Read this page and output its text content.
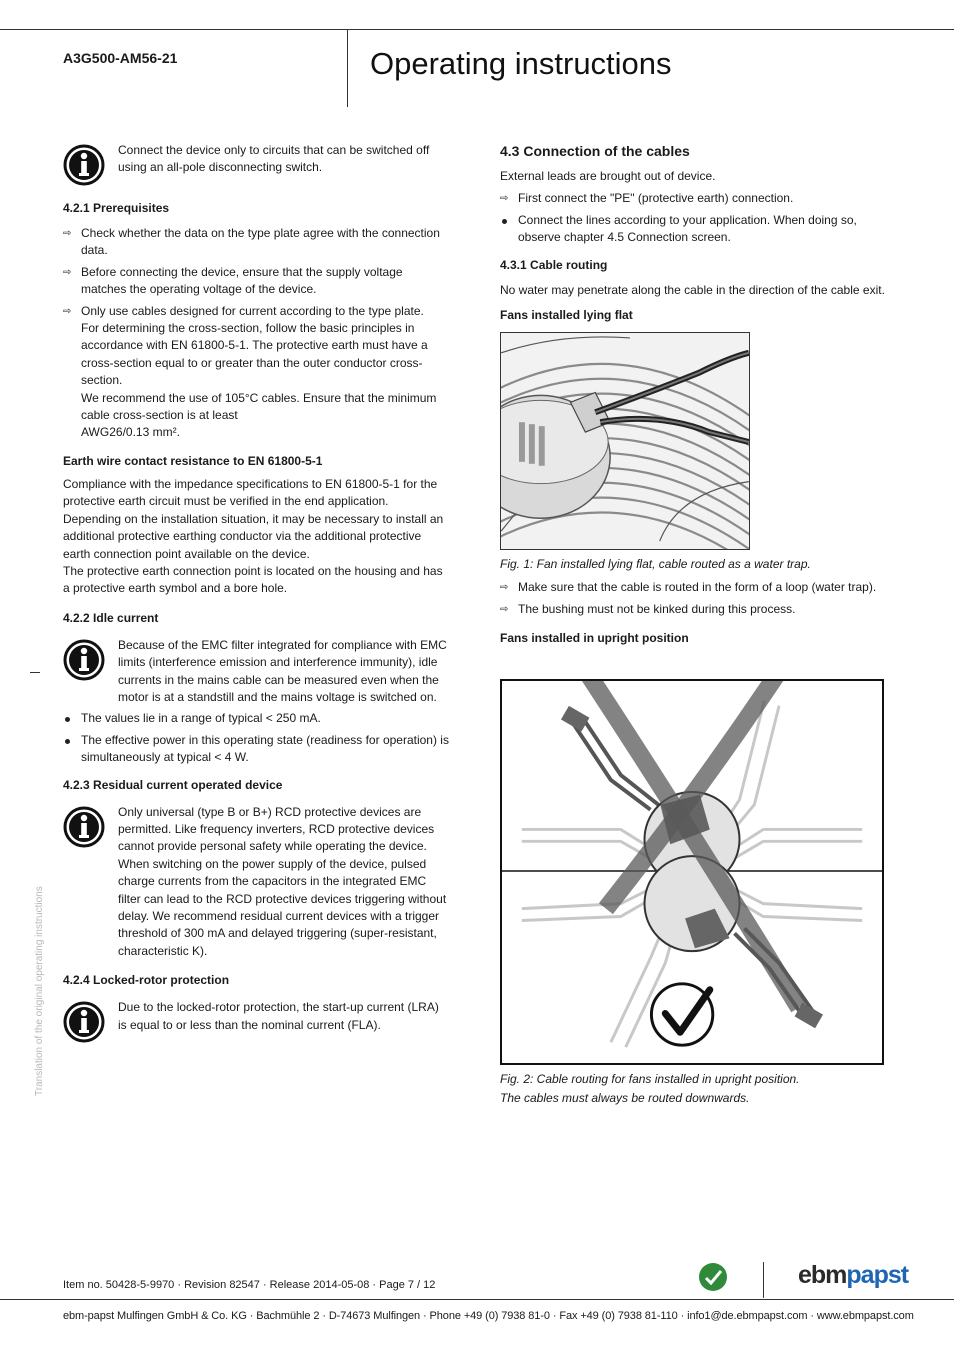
A3G500-AM56-21	Operating instructions
Translation of the original operating instructions

Connect the device only to circuits that can be switched off using an all-pole disconnecting switch.

4.2.1 Prerequisites
⇨ Check whether the data on the type plate agree with the connection data.
⇨ Before connecting the device, ensure that the supply voltage matches the operating voltage of the device.
⇨ Only use cables designed for current according to the type plate.
For determining the cross-section, follow the basic principles in accordance with EN 61800-5-1. The protective earth must have a cross-section equal to or greater than the outer conductor cross-section.
We recommend the use of 105°C cables. Ensure that the minimum cable cross-section is at least
AWG26/0.13 mm².
Earth wire contact resistance to EN 61800-5-1

Compliance with the impedance specifications to EN 61800-5-1 for the protective earth circuit must be verified in the end application.

Depending on the installation situation, it may be necessary to install an additional protective earthing conductor via the additional protective earth connection point available on the device.

The protective earth connection point is located on the housing and has a protective earth symbol and a bore hole.

4.2.2 Idle current

Because of the EMC filter integrated for compliance with EMC limits (interference emission and interference immunity), idle currents in the mains cable can be measured even when the motor is at a standstill and the mains voltage is switched on.

The values lie in a range of typical < 250 mA.
The effective power in this operating state (readiness for operation) is simultaneously at typical < 4 W.
4.2.3 Residual current operated device

Only universal (type B or B+) RCD protective devices are permitted. Like frequency inverters, RCD protective devices cannot provide personal safety while operating the device. When switching on the power supply of the device, pulsed charge currents from the capacitors in the integrated EMC filter can lead to the RCD protective devices triggering without delay. We recommend residual current devices with a trigger threshold of 300 mA and delayed triggering (super-resistant, characteristic K).

4.2.4 Locked-rotor protection

Due to the locked-rotor protection, the start-up current (LRA) is equal to or less than the nominal current (FLA).

4.3 Connection of the cables

External leads are brought out of device.

⇨ First connect the "PE" (protective earth) connection.
Connect the lines according to your application. When doing so, observe chapter 4.5 Connection screen.
4.3.1 Cable routing

No water may penetrate along the cable in the direction of the cable exit.

Fans installed lying flat

Fig. 1: Fan installed lying flat, cable routed as a water trap.

⇨ Make sure that the cable is routed in the form of a loop (water trap).
⇨ The bushing must not be kinked during this process.
Fans installed in upright position

Fig. 2: Cable routing for fans installed in upright position.

The cables must always be routed downwards.

Item no. 50428-5-9970 · Revision 82547 · Release 2014-05-08 · Page 7 / 12	ebmpapst
ebm-papst Mulfingen GmbH & Co. KG · Bachmühle 2 · D-74673 Mulfingen · Phone +49 (0) 7938 81-0 · Fax +49 (0) 7938 81-110 · info1@de.ebmpapst.com · www.ebmpapst.com
